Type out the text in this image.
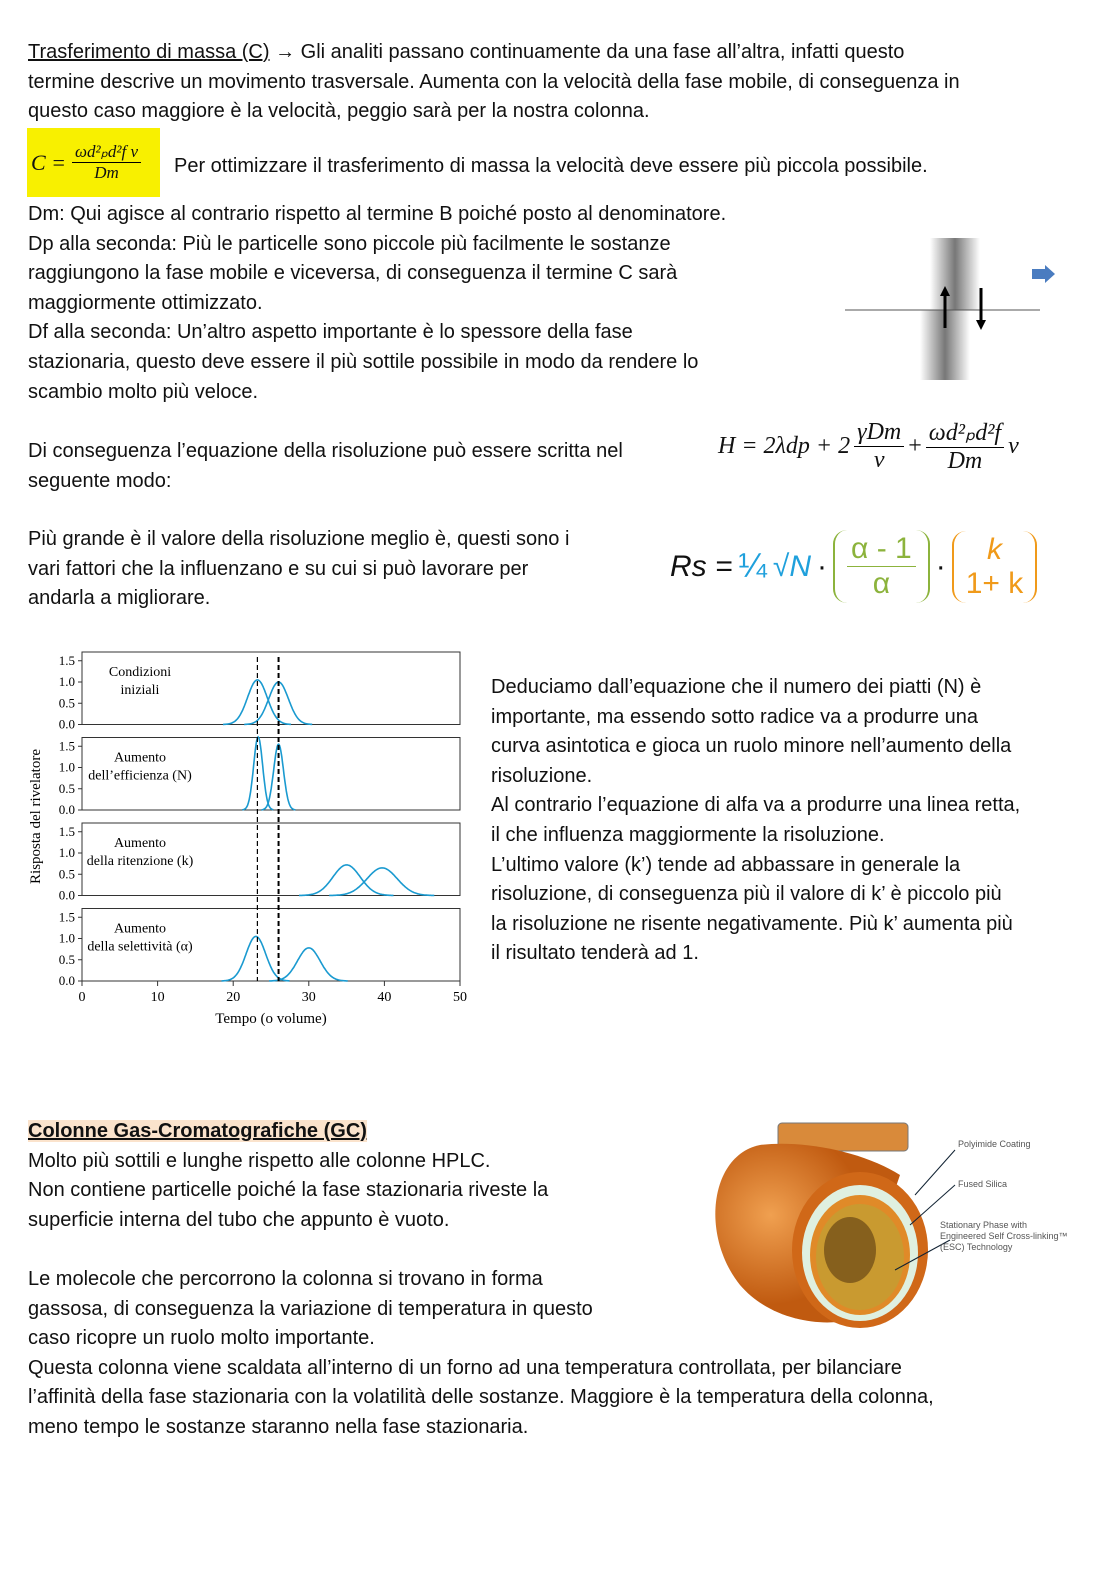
Trasferimento di massa (C) → Gli analiti passano continuamente da una fase all’altra, infatti questo
termine descrive un movimento trasversale. Aumenta con la velocità della fase mobile, di conseguenza in
questo caso maggiore è la velocità, peggio sarà per la nostra colonna.
$C = \frac{\text{ωd²ₚd²f v}}{Dm}$ Per ottimizzare il trasferimento di massa la velocità deve essere più piccola possibile.
Dm: Qui agisce al contrario rispetto al termine B poiché posto al denominatore.
Dp alla seconda: Più le particelle sono piccole più facilmente le sostanze
raggiungono la fase mobile e viceversa, di conseguenza il termine C sarà
maggiormente ottimizzato.
Df alla seconda: Un’altro aspetto importante è lo spessore della fase
stazionaria, questo deve essere il più sottile possibile in modo da rendere lo
scambio molto più veloce.
Di conseguenza l’equazione della risoluzione può essere scritta nel
seguente modo:
$H = 2\lambda dp + 2 \frac{\text{γDm}}{v} + \frac{\text{ωd²ₚd²f}}{Dm}$ v
Più grande è il valore della risoluzione meglio è, questi sono i
vari fattori che la influenzano e su cui si può lavorare per
andarla a migliorare.
Rs = ¼ $√N \cdot \frac{\alpha - 1}{\alpha}$ ·
k
1+ k
0.0
0.5
1.0
1.5
Condizioni
iniziali
0.0
0.5
1.0
1.5
Aumento
dell’efficienza (N)
0.0
0.5
1.0
1.5
Aumento
della ritenzione (k)
0.0
0.5
1.0
1.5
Aumento
della selettività (α)
0	10	20	30	40	50
Tempo (o volume)
Risposta del rivelatore
Deduciamo dall’equazione che il numero dei piatti (N) è
importante, ma essendo sotto radice va a produrre una
curva asintotica e gioca un ruolo minore nell’aumento della
risoluzione.
Al contrario l’equazione di alfa va a produrre una linea retta,
il che influenza maggiormente la risoluzione.
L’ultimo valore (k’) tende ad abbassare in generale la
risoluzione, di conseguenza più il valore di k’ è piccolo più
la risoluzione ne risente negativamente. Più k’ aumenta più
il risultato tenderà ad 1.
Colonne Gas-Cromatografiche (GC)
Molto più sottili e lunghe rispetto alle colonne HPLC.
Non contiene particelle poiché la fase stazionaria riveste la
superficie interna del tubo che appunto è vuoto.
Le molecole che percorrono la colonna si trovano in forma
gassosa, di conseguenza la variazione di temperatura in questo
caso ricopre un ruolo molto importante.
Questa colonna viene scaldata all’interno di un forno ad una temperatura controllata, per bilanciare
l’affinità della fase stazionaria con la volatilità delle sostanze. Maggiore è la temperatura della colonna,
meno tempo le sostanze staranno nella fase stazionaria.
Polyimide Coating
Fused Silica
Stationary Phase with
Engineered Self Cross-linking™
(ESC) Technology
